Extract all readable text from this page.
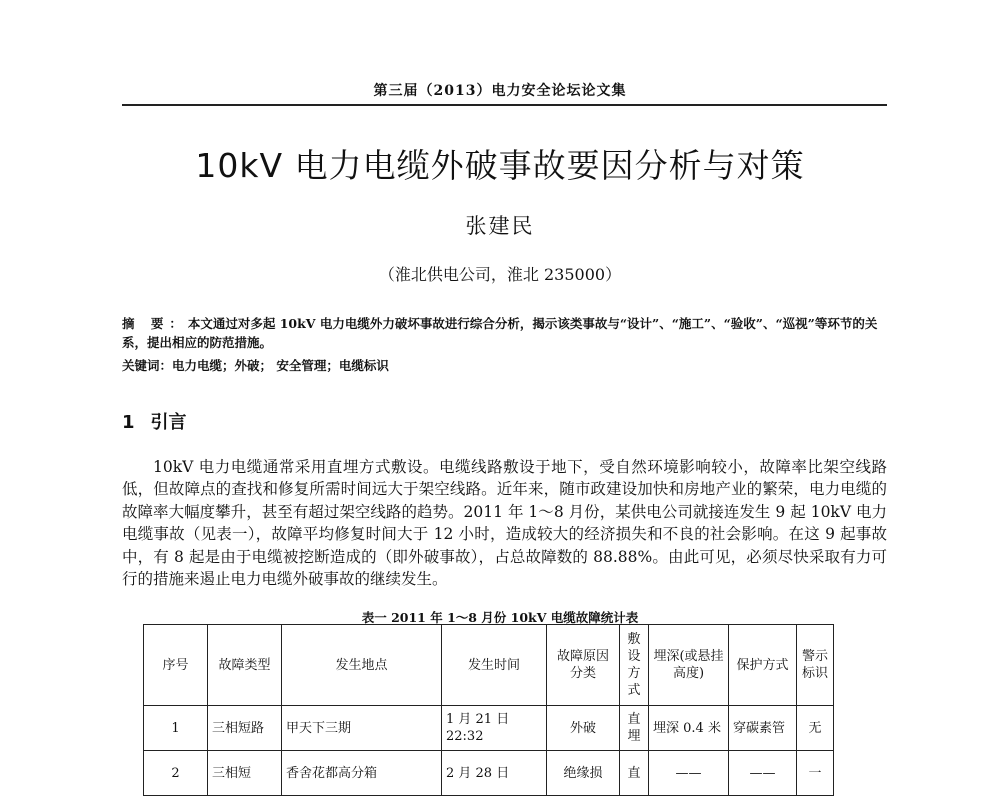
第三届（2013）电力安全论坛论文集
10kV 电力电缆外破事故要因分析与对策
张建民
（淮北供电公司，淮北 235000）
摘 要：本文通过对多起 10kV 电力电缆外力破坏事故进行综合分析，揭示该类事故与“设计”、“施工”、“验收”、“巡视”等环节的关系，提出相应的防范措施。
关键词：电力电缆；外破； 安全管理；电缆标识
1 引言
10kV 电力电缆通常采用直埋方式敷设。电缆线路敷设于地下，受自然环境影响较小，故障率比架空线路低，但故障点的查找和修复所需时间远大于架空线路。近年来，随市政建设加快和房地产业的繁荣，电力电缆的故障率大幅度攀升，甚至有超过架空线路的趋势。2011 年 1～8 月份，某供电公司就接连发生 9 起 10kV 电力电缆事故（见表一），故障平均修复时间大于 12 小时，造成较大的经济损失和不良的社会影响。在这 9 起事故中，有 8 起是由于电缆被挖断造成的（即外破事故），占总故障数的 88.88%。由此可见，必须尽快采取有力可行的措施来遏止电力电缆外破事故的继续发生。
表一 2011 年 1～8 月份 10kV 电缆故障统计表
序号	故障类型	发生地点	发生时间	故障原因分类	敷设方式	埋深(或悬挂高度)	保护方式	警示标识
1	三相短路	甲天下三期	1 月 21 日 22:32	外破	直埋	埋深 0.4 米	穿碳素管	无
2	三相短	香舍花都高分箱	2 月 28 日	绝缘损	直	——	——	一
